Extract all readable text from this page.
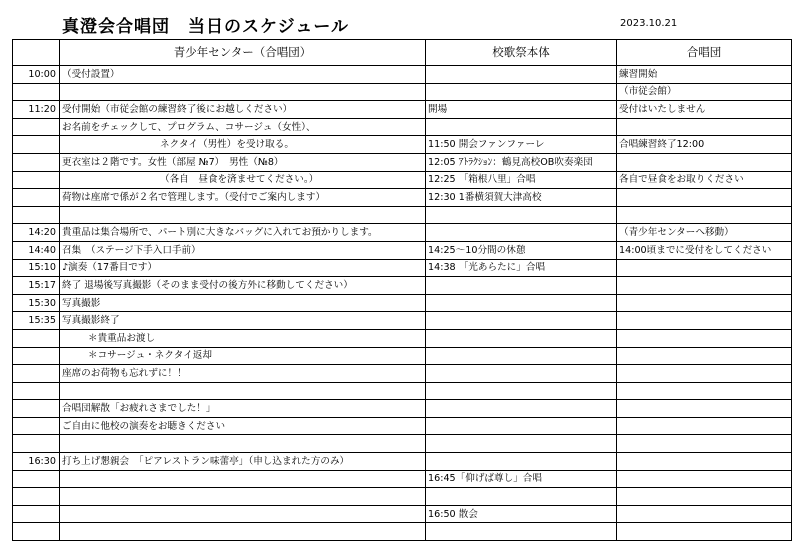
真澄会合唱団　当日のスケジュール	2023.10.21
	青少年センター（合唱団）	校歌祭本体	合唱団
10:00	（受付設置）		練習開始
			（市従会館）
11:20	受付開始（市従会館の練習終了後にお越しください）	開場	受付はいたしません
	お名前をチェックして、プログラム、コサージュ（女性）、		
	ネクタイ（男性）を受け取る。	11:50 開会ファンファーレ	合唱練習終了12:00
	更衣室は２階です。女性（部屋 №7）　男性（№8）	12:05 ｱﾄﾗｸｼｮﾝ：鶴見高校OB吹奏楽団	
	（各自　昼食を済ませてください。）	12:25 「箱根八里」合唱	各自で昼食をお取りください
	荷物は座席で係が２名で管理します。（受付でご案内します）	12:30 1番横須賀大津高校	

14:20	貴重品は集合場所で、パート別に大きなバッグに入れてお預かりします。		（青少年センターへ移動）
14:40	召集　（ステージ下手入口手前）	14:25〜10分間の休憩	14:00頃までに受付をしてください
15:10	♪演奏（17番目です）	14:38 「光あらたに」合唱	
15:17	終了 退場後写真撮影（そのまま受付の後方外に移動してください）		
15:30	写真撮影		
15:35	写真撮影終了		
	＊貴重品お渡し		
	＊コサージュ・ネクタイ返却		
	座席のお荷物も忘れずに！！		

	合唱団解散「お疲れさまでした！」		
	ご自由に他校の演奏をお聴きください		

16:30	打ち上げ懇親会　「ピアレストラン味蕾亭」（申し込まれた方のみ）		
		16:45「仰げば尊し」合唱	

		16:50 散会	
